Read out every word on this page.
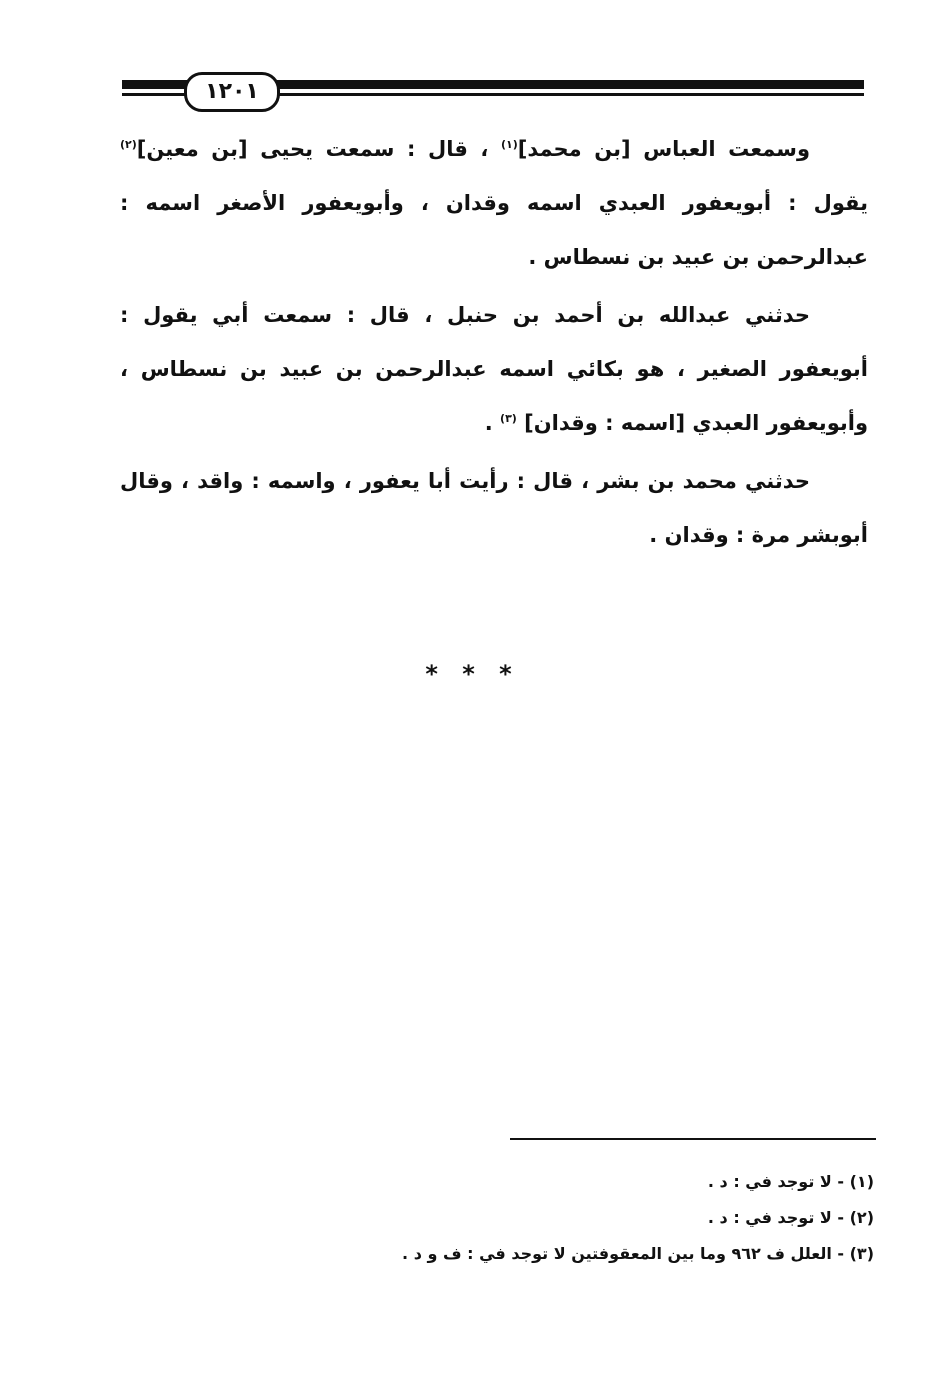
١٢٠١

وسمعت العباس [بن محمد]$^{(١)}$ ، قال : سمعت يحيى [بن معين]$^{(٢)}$ يقول : أبويعفور العبدي اسمه وقدان ، وأبويعفور الأصغر اسمه : عبدالرحمن بن عبيد بن نسطاس .

حدثني عبدالله بن أحمد بن حنبل ، قال : سمعت أبي يقول : أبويعفور الصغير ، هو بكائي اسمه عبدالرحمن بن عبيد بن نسطاس ، وأبويعفور العبدي [اسمه : وقدان] $^{(٣)}$ .

حدثني محمد بن بشر ، قال : رأيت أبا يعفور ، واسمه : واقد ، وقال أبوبشر مرة : وقدان .

* * *
(١) - لا توجد في : د .
(٢) - لا توجد في : د .
(٣) - العلل ف ٩٦٢ وما بين المعقوفتين لا توجد في : ف و د .
